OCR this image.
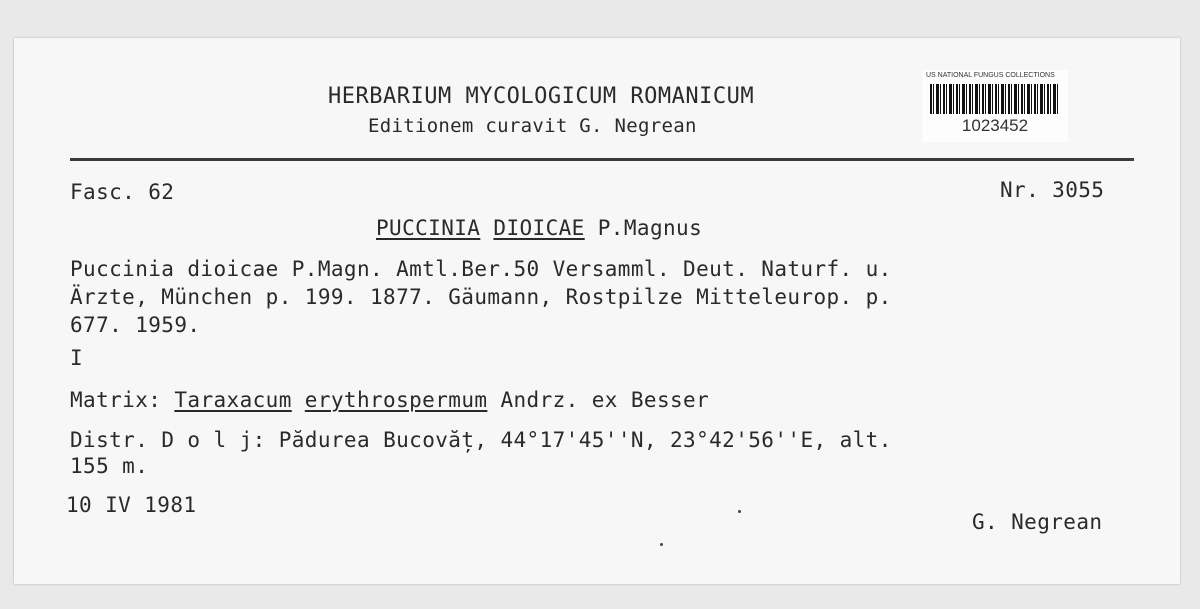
HERBARIUM MYCOLOGICUM ROMANICUM
Editionem curavit G. Negrean
US NATIONAL FUNGUS COLLECTIONS
1023452
Fasc. 62	Nr. 3055
PUCCINIA DIOICAE P.Magnus
Puccinia dioicae P.Magn. Amtl.Ber.50 Versamml. Deut. Naturf. u.
Ärzte, München p. 199. 1877. Gäumann, Rostpilze Mitteleurop. p.
677. 1959.
I
Matrix: Taraxacum erythrospermum Andrz. ex Besser
Distr. D o l j: Pădurea Bucovăț, 44°17'45''N, 23°42'56''E, alt.
155 m.
10 IV 1981
G. Negrean
